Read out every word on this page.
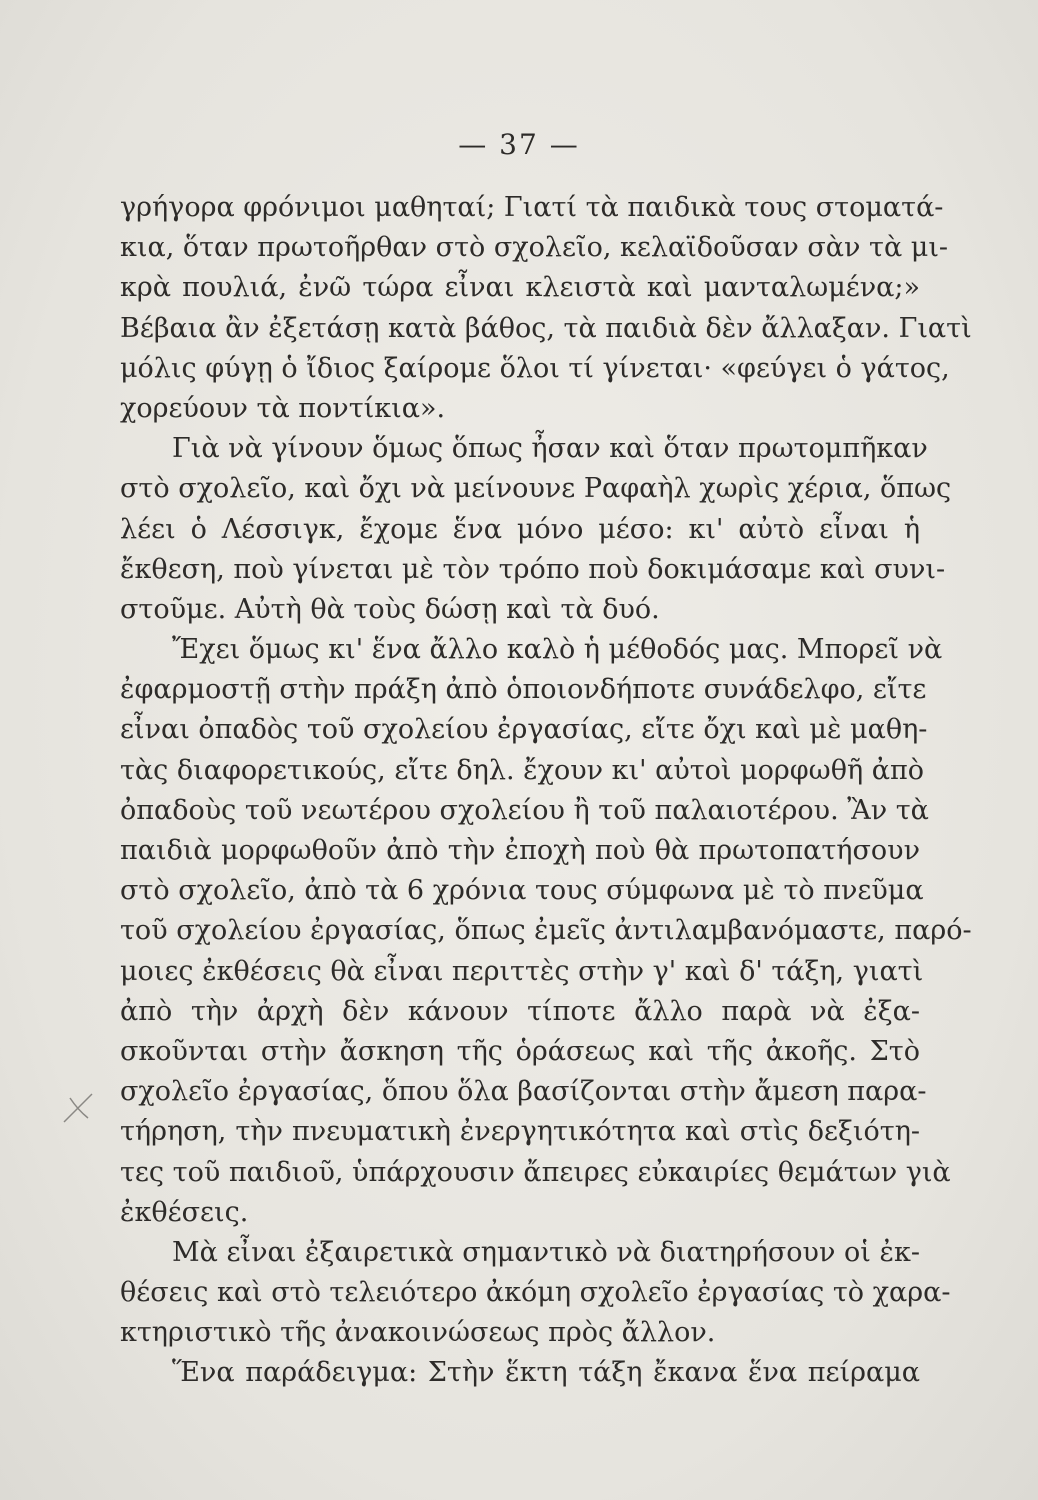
— 37 —
γρήγορα φρόνιμοι μαθηταί; Γιατί τὰ παιδικὰ τους στοματά-
κια, ὅταν πρωτοῆρθαν στὸ σχολεῖο, κελαϊδοῦσαν σὰν τὰ μι-
κρὰ πουλιά, ἐνῶ τώρα εἶναι κλειστὰ καὶ μανταλωμένα;»
Βέβαια ἂν ἐξετάσῃ κατὰ βάθος, τὰ παιδιὰ δὲν ἄλλαξαν. Γιατὶ
μόλις φύγῃ ὁ ἴδιος ξαίρομε ὅλοι τί γίνεται· «φεύγει ὁ γάτος,
χορεύουν τὰ ποντίκια».
Γιὰ νὰ γίνουν ὅμως ὅπως ἦσαν καὶ ὅταν πρωτομπῆκαν
στὸ σχολεῖο, καὶ ὄχι νὰ μείνουνε Ραφαὴλ χωρὶς χέρια, ὅπως
λέει ὁ Λέσσιγκ, ἔχομε ἕνα μόνο μέσο: κι' αὐτὸ εἶναι ἡ
ἔκθεση, ποὺ γίνεται μὲ τὸν τρόπο ποὺ δοκιμάσαμε καὶ συνι-
στοῦμε. Αὐτὴ θὰ τοὺς δώσῃ καὶ τὰ δυό.
Ἔχει ὅμως κι' ἕνα ἄλλο καλὸ ἡ μέθοδός μας. Μπορεῖ νὰ
ἐφαρμοστῇ στὴν πράξη ἀπὸ ὁποιονδήποτε συνάδελφο, εἴτε
εἶναι ὀπαδὸς τοῦ σχολείου ἐργασίας, εἴτε ὄχι καὶ μὲ μαθη-
τὰς διαφορετικούς, εἴτε δηλ. ἔχουν κι' αὐτοὶ μορφωθῆ ἀπὸ
ὀπαδοὺς τοῦ νεωτέρου σχολείου ἢ τοῦ παλαιοτέρου. Ἂν τὰ
παιδιὰ μορφωθοῦν ἀπὸ τὴν ἐποχὴ ποὺ θὰ πρωτοπατήσουν
στὸ σχολεῖο, ἀπὸ τὰ 6 χρόνια τους σύμφωνα μὲ τὸ πνεῦμα
τοῦ σχολείου ἐργασίας, ὅπως ἐμεῖς ἀντιλαμβανόμαστε, παρό-
μοιες ἐκθέσεις θὰ εἶναι περιττὲς στὴν γ' καὶ δ' τάξη, γιατὶ
ἀπὸ τὴν ἀρχὴ δὲν κάνουν τίποτε ἄλλο παρὰ νὰ ἐξα-
σκοῦνται στὴν ἄσκηση τῆς ὁράσεως καὶ τῆς ἀκοῆς. Στὸ
σχολεῖο ἐργασίας, ὅπου ὅλα βασίζονται στὴν ἄμεση παρα-
τήρηση, τὴν πνευματικὴ ἐνεργητικότητα καὶ στὶς δεξιότη-
τες τοῦ παιδιοῦ, ὑπάρχουσιν ἄπειρες εὐκαιρίες θεμάτων γιὰ
ἐκθέσεις.
Μὰ εἶναι ἐξαιρετικὰ σημαντικὸ νὰ διατηρήσουν οἱ ἐκ-
θέσεις καὶ στὸ τελειότερο ἀκόμη σχολεῖο ἐργασίας τὸ χαρα-
κτηριστικὸ τῆς ἀνακοινώσεως πρὸς ἄλλον.
Ἕνα παράδειγμα: Στὴν ἕκτη τάξη ἔκανα ἕνα πείραμα
